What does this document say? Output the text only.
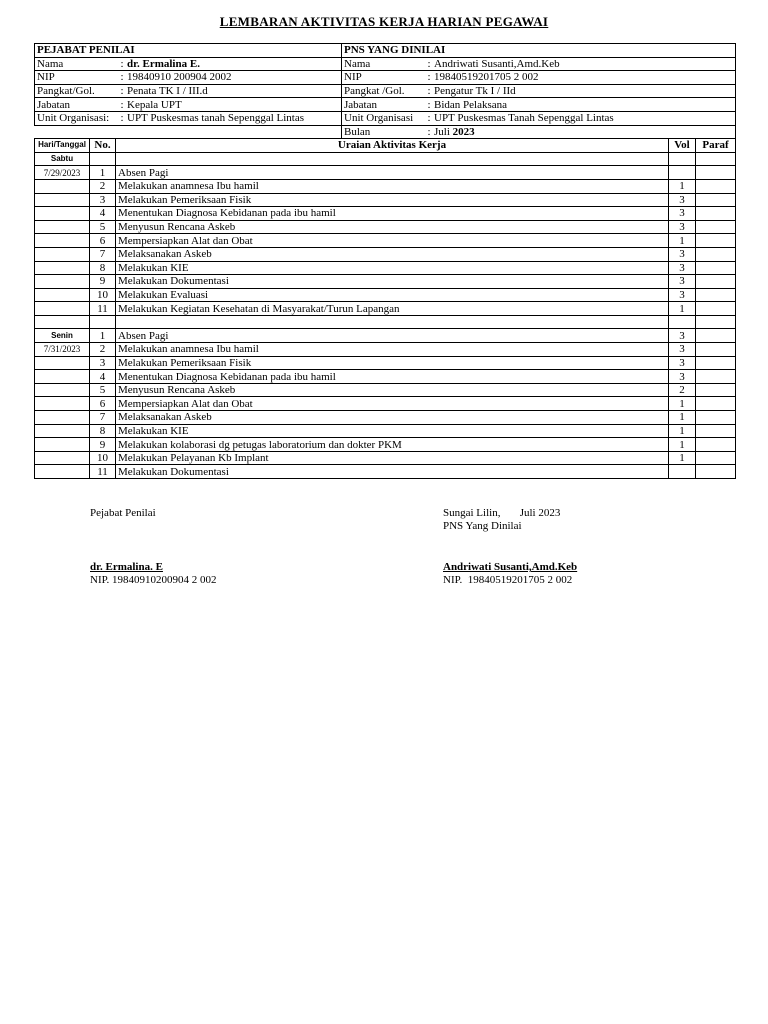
LEMBARAN AKTIVITAS KERJA HARIAN PEGAWAI
PEJABAT PENILAI			PNS YANG DINILAI		
Nama : dr. Ermalina E.			Nama : Andriwati Susanti,Amd.Keb		
NIP : 19840910 200904 2002			NIP : 19840519201705 2 002		
Pangkat/Gol. : Penata TK I / III.d			Pangkat /Gol. : Pengatur Tk I / IId		
Jabatan : Kepala UPT			Jabatan : Bidan Pelaksana		
Unit Organisasi: : UPT Puskesmas tanah Sepenggal Lintas			Unit Organisasi : UPT Puskesmas Tanah Sepenggal Lintas		
			Bulan : Juli 2023		
Hari/Tanggal	No.	Uraian Aktivitas Kerja		Vol	Paraf
Sabtu					
7/29/2023	1	Absen Pagi			
	2	Melakukan anamnesa Ibu hamil		1	
	3	Melakukan Pemeriksaan Fisik		3	
	4	Menentukan Diagnosa Kebidanan pada ibu hamil		3	
	5	Menyusun Rencana Askeb		3	
	6	Mempersiapkan Alat dan Obat		1	
	7	Melaksanakan Askeb		3	
	8	Melakukan KIE		3	
	9	Melakukan Dokumentasi		3	
	10	Melakukan Evaluasi		3	
	11	Melakukan Kegiatan Kesehatan di Masyarakat/Turun Lapangan		1	

Senin	1	Absen Pagi		3	
7/31/2023	2	Melakukan anamnesa Ibu hamil		3	
	3	Melakukan Pemeriksaan Fisik		3	
	4	Menentukan Diagnosa Kebidanan pada ibu hamil		3	
	5	Menyusun Rencana Askeb		2	
	6	Mempersiapkan Alat dan Obat		1	
	7	Melaksanakan Askeb		1	
	8	Melakukan KIE		1	
	9	Melakukan kolaborasi dg petugas laboratorium dan dokter PKM		1	
	10	Melakukan Pelayanan Kb Implant		1	
	11	Melakukan Dokumentasi			
Pejabat Penilai
dr. Ermalina. E
NIP. 19840910200904 2 002
Sungai Lilin,       Juli 2023
PNS Yang Dinilai
Andriwati Susanti,Amd.Keb
NIP.  19840519201705 2 002
